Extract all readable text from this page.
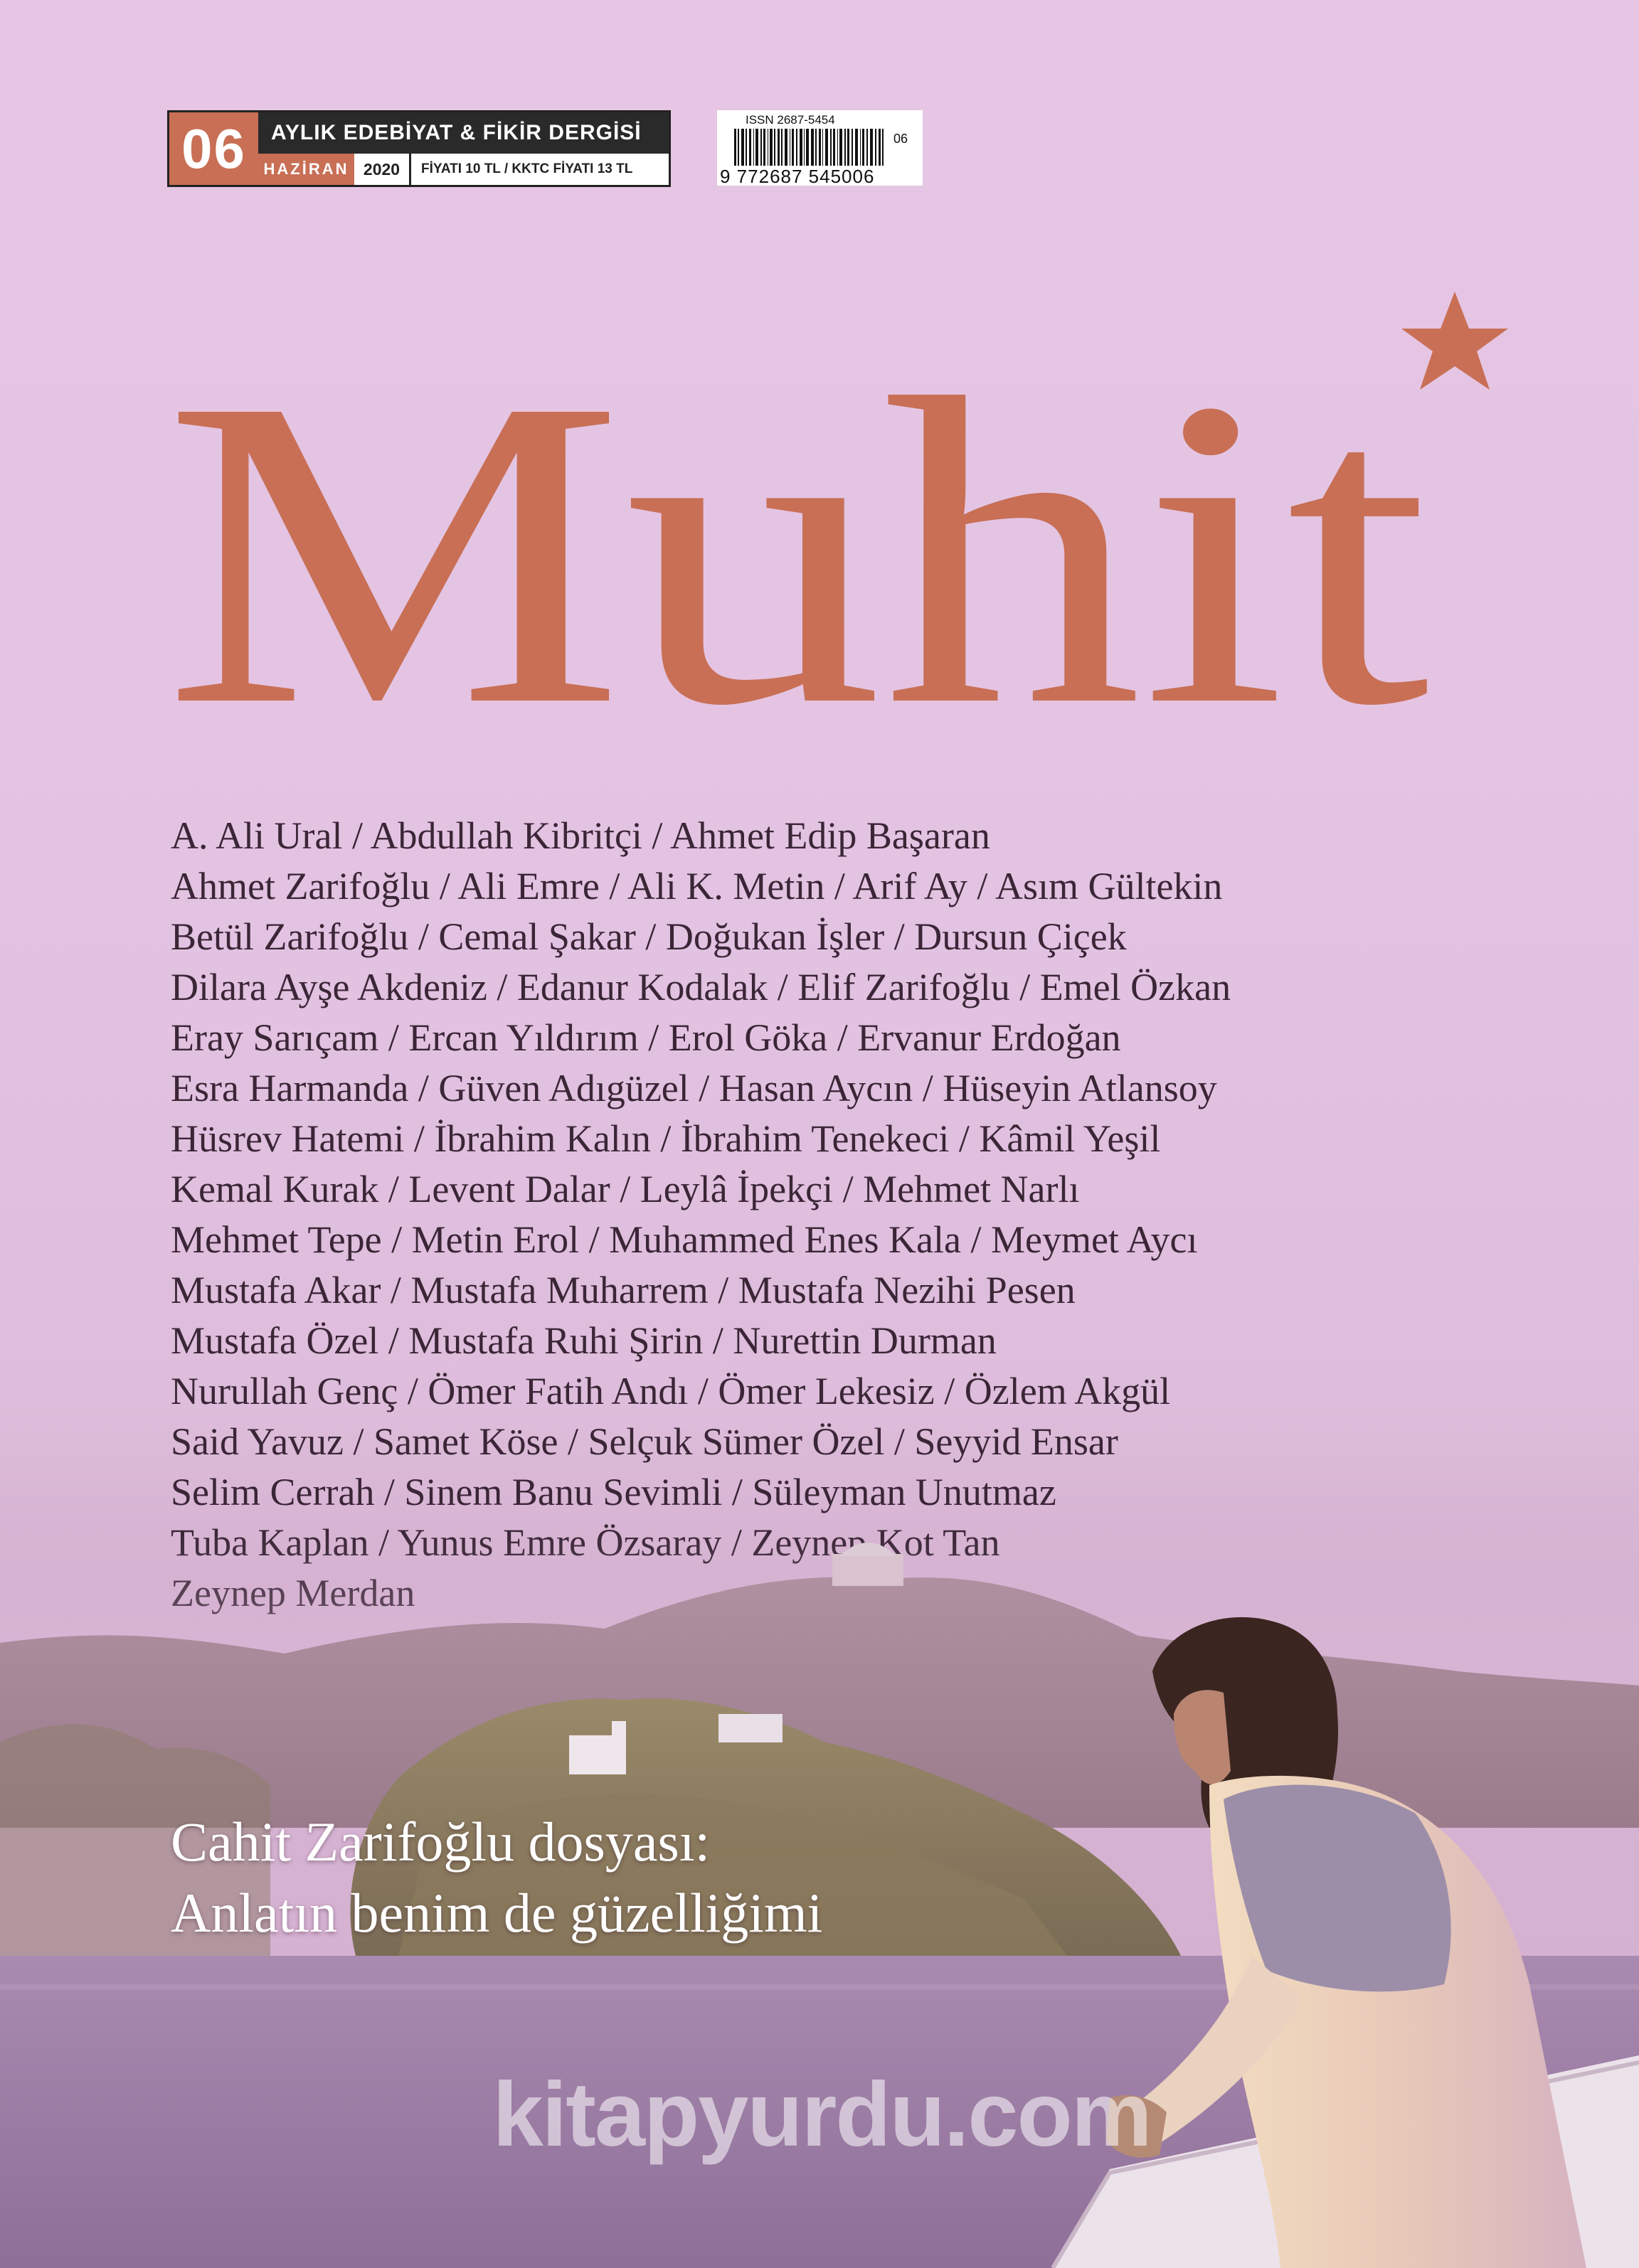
06	AYLIK EDEBİYAT & FİKİR DERGİSİ
HAZİRAN 2020	FİYATI 10 TL / KKTC FİYATI 13 TL
ISSN 2687-5454
06
9 772687 545006
Muhit
A. Ali Ural / Abdullah Kibritçi / Ahmet Edip Başaran
Ahmet Zarifoğlu / Ali Emre / Ali K. Metin / Arif Ay / Asım Gültekin
Betül Zarifoğlu / Cemal Şakar / Doğukan İşler / Dursun Çiçek
Dilara Ayşe Akdeniz / Edanur Kodalak / Elif Zarifoğlu / Emel Özkan
Eray Sarıçam / Ercan Yıldırım / Erol Göka / Ervanur Erdoğan
Esra Harmanda / Güven Adıgüzel / Hasan Aycın / Hüseyin Atlansoy
Hüsrev Hatemi / İbrahim Kalın / İbrahim Tenekeci / Kâmil Yeşil
Kemal Kurak / Levent Dalar / Leylâ İpekçi / Mehmet Narlı
Mehmet Tepe / Metin Erol / Muhammed Enes Kala / Meymet Aycı
Mustafa Akar / Mustafa Muharrem / Mustafa Nezihi Pesen
Mustafa Özel / Mustafa Ruhi Şirin / Nurettin Durman
Nurullah Genç / Ömer Fatih Andı / Ömer Lekesiz / Özlem Akgül
Said Yavuz / Samet Köse / Selçuk Sümer Özel / Seyyid Ensar
Selim Cerrah / Sinem Banu Sevimli / Süleyman Unutmaz
Cahit Zarifoğlu dosyası:
Anlatın benim de güzelliğimi
kitapyurdu.com
